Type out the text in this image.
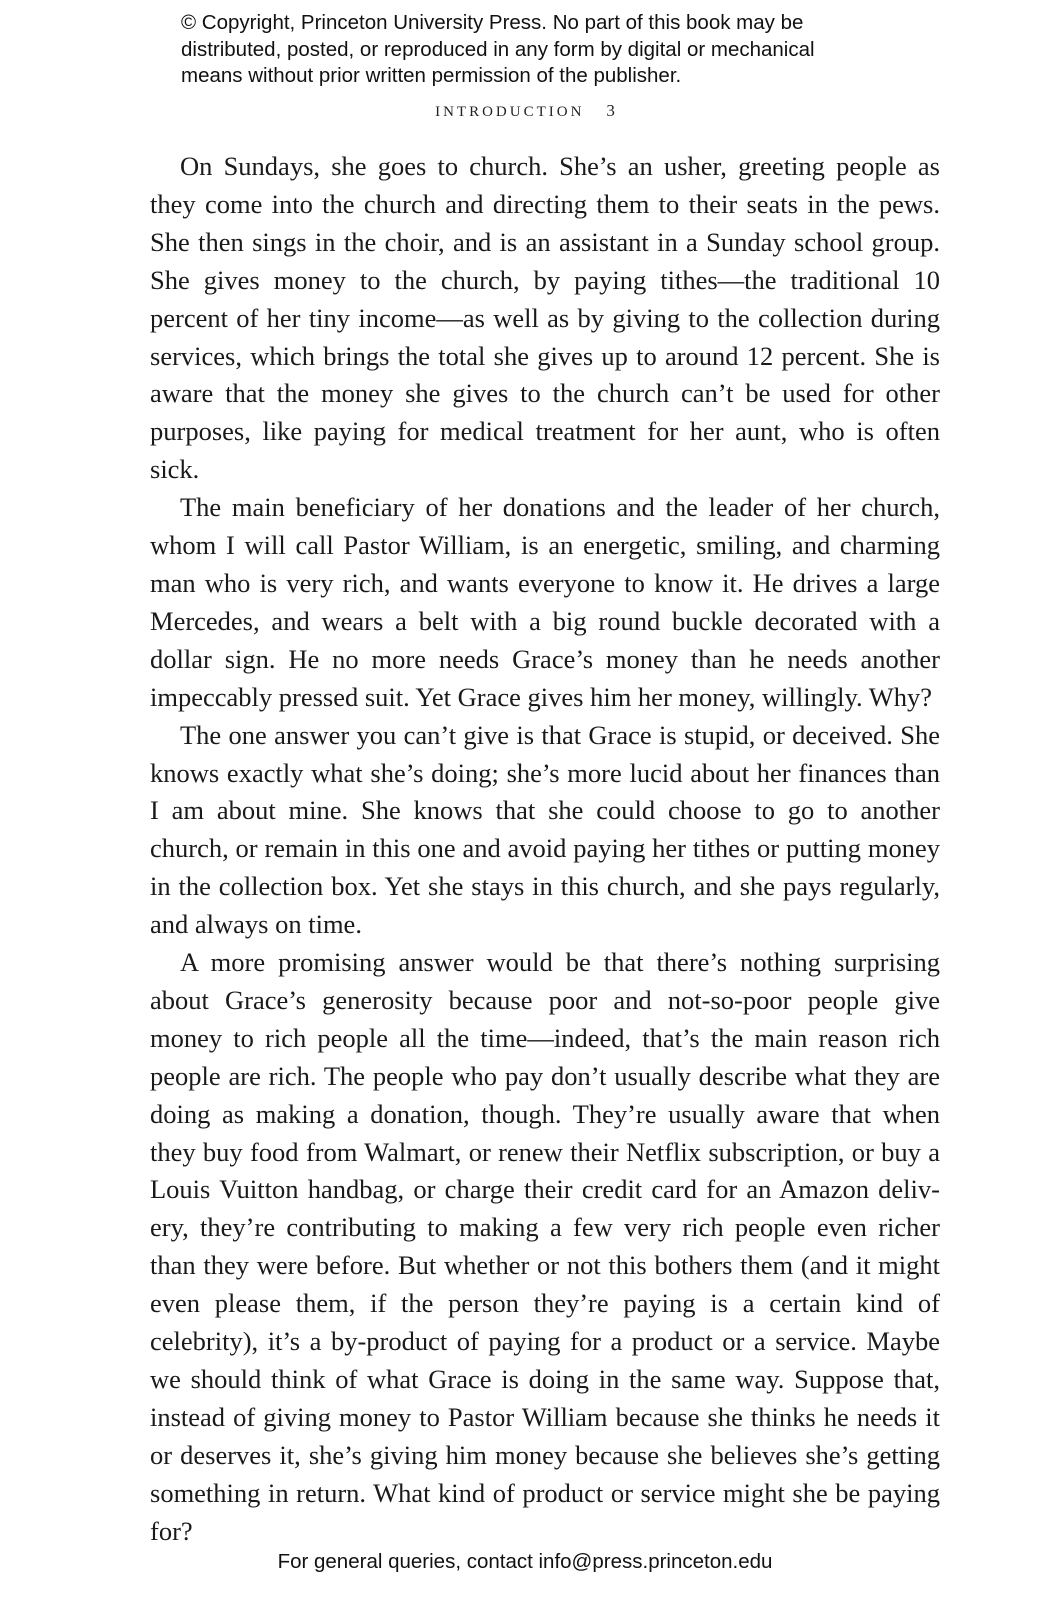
© Copyright, Princeton University Press. No part of this book may be
distributed, posted, or reproduced in any form by digital or mechanical
means without prior written permission of the publisher.
INTRODUCTION 3

On Sundays, she goes to church. She’s an usher, greeting people as they come into the church and directing them to their seats in the pews. She then sings in the choir, and is an assistant in a Sunday school group. She gives money to the church, by paying tithes—the traditional 10 percent of her tiny income—as well as by giving to the collection during services, which brings the total she gives up to around 12 percent. She is aware that the money she gives to the church can’t be used for other purposes, like paying for medical treatment for her aunt, who is often sick.

The main beneficiary of her donations and the leader of her church, whom I will call Pastor William, is an energetic, smiling, and charming man who is very rich, and wants everyone to know it. He drives a large Mercedes, and wears a belt with a big round buckle decorated with a dollar sign. He no more needs Grace’s money than he needs another impeccably pressed suit. Yet Grace gives him her money, willingly. Why?

The one answer you can’t give is that Grace is stupid, or deceived. She knows exactly what she’s doing; she’s more lucid about her finances than I am about mine. She knows that she could choose to go to another church, or remain in this one and avoid paying her tithes or putting money in the collection box. Yet she stays in this church, and she pays regularly, and always on time.

A more promising answer would be that there’s nothing surprising about Grace’s generosity because poor and not-so-poor people give money to rich people all the time—indeed, that’s the main reason rich people are rich. The people who pay don’t usually describe what they are doing as making a donation, though. They’re usually aware that when they buy food from Walmart, or renew their Netflix subscription, or buy a Louis Vuitton handbag, or charge their credit card for an Amazon delivery, they’re contributing to making a few very rich people even richer than they were before. But whether or not this bothers them (and it might even please them, if the person they’re paying is a certain kind of celebrity), it’s a by-product of paying for a product or a service. Maybe we should think of what Grace is doing in the same way. Suppose that, instead of giving money to Pastor William because she thinks he needs it or deserves it, she’s giving him money because she believes she’s getting something in return. What kind of product or service might she be paying for?

For general queries, contact info@press.princeton.edu
